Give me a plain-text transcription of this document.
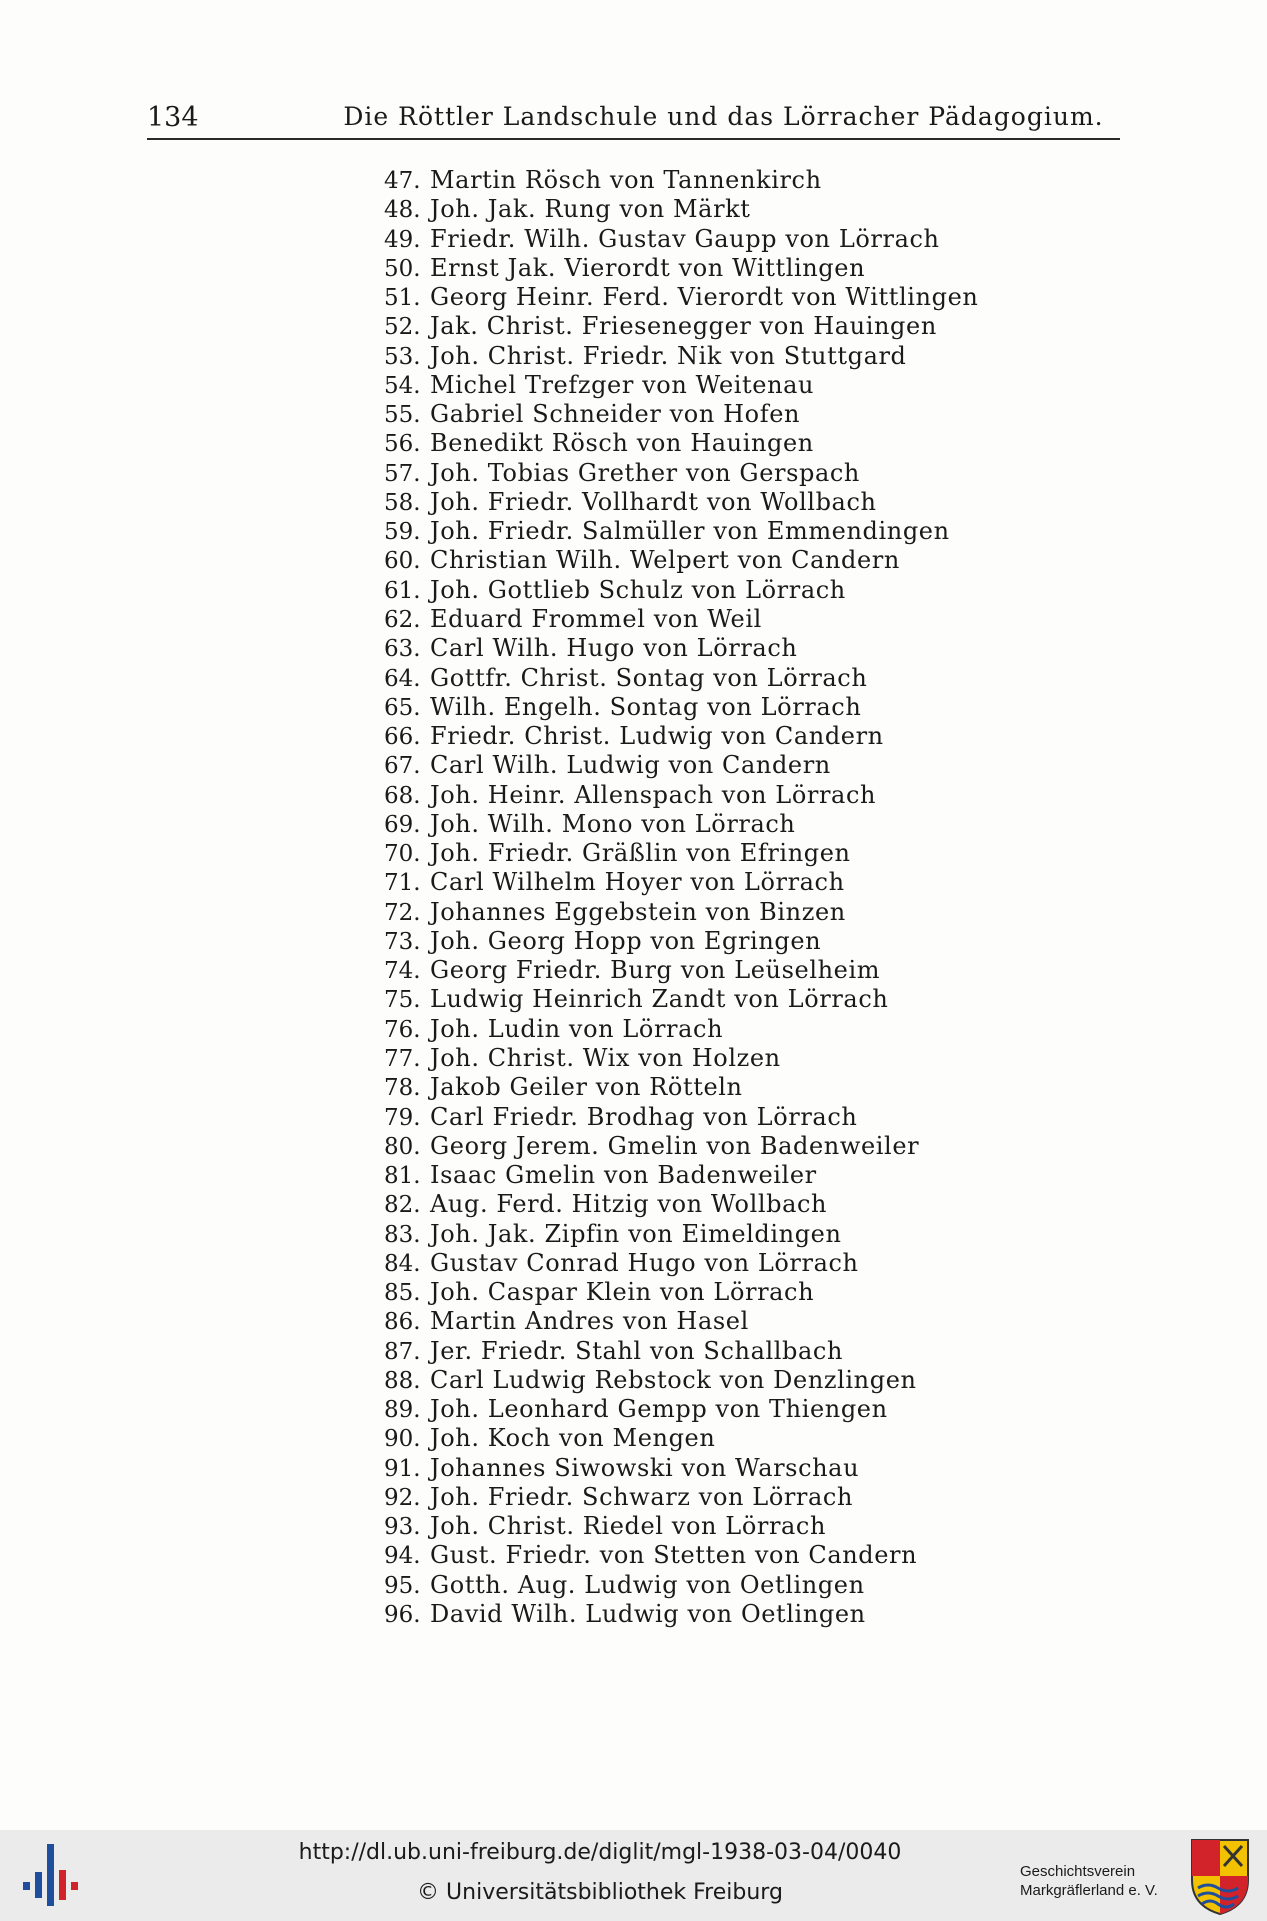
134	Die Röttler Landschule und das Lörracher Pädagogium.
47. Martin Rösch von Tannenkirch
48. Joh. Jak. Rung von Märkt
49. Friedr. Wilh. Gustav Gaupp von Lörrach
50. Ernst Jak. Vierordt von Wittlingen
51. Georg Heinr. Ferd. Vierordt von Wittlingen
52. Jak. Christ. Friesenegger von Hauingen
53. Joh. Christ. Friedr. Nik von Stuttgard
54. Michel Trefzger von Weitenau
55. Gabriel Schneider von Hofen
56. Benedikt Rösch von Hauingen
57. Joh. Tobias Grether von Gerspach
58. Joh. Friedr. Vollhardt von Wollbach
59. Joh. Friedr. Salmüller von Emmendingen
60. Christian Wilh. Welpert von Candern
61. Joh. Gottlieb Schulz von Lörrach
62. Eduard Frommel von Weil
63. Carl Wilh. Hugo von Lörrach
64. Gottfr. Christ. Sontag von Lörrach
65. Wilh. Engelh. Sontag von Lörrach
66. Friedr. Christ. Ludwig von Candern
67. Carl Wilh. Ludwig von Candern
68. Joh. Heinr. Allenspach von Lörrach
69. Joh. Wilh. Mono von Lörrach
70. Joh. Friedr. Gräßlin von Efringen
71. Carl Wilhelm Hoyer von Lörrach
72. Johannes Eggebstein von Binzen
73. Joh. Georg Hopp von Egringen
74. Georg Friedr. Burg von Leüselheim
75. Ludwig Heinrich Zandt von Lörrach
76. Joh. Ludin von Lörrach
77. Joh. Christ. Wix von Holzen
78. Jakob Geiler von Rötteln
79. Carl Friedr. Brodhag von Lörrach
80. Georg Jerem. Gmelin von Badenweiler
81. Isaac Gmelin von Badenweiler
82. Aug. Ferd. Hitzig von Wollbach
83. Joh. Jak. Zipfin von Eimeldingen
84. Gustav Conrad Hugo von Lörrach
85. Joh. Caspar Klein von Lörrach
86. Martin Andres von Hasel
87. Jer. Friedr. Stahl von Schallbach
88. Carl Ludwig Rebstock von Denzlingen
89. Joh. Leonhard Gempp von Thiengen
90. Joh. Koch von Mengen
91. Johannes Siwowski von Warschau
92. Joh. Friedr. Schwarz von Lörrach
93. Joh. Christ. Riedel von Lörrach
94. Gust. Friedr. von Stetten von Candern
95. Gotth. Aug. Ludwig von Oetlingen
96. David Wilh. Ludwig von Oetlingen
http://dl.ub.uni-freiburg.de/diglit/mgl-1938-03-04/0040
© Universitätsbibliothek Freiburg
Geschichtsverein
Markgräflerland e. V.
